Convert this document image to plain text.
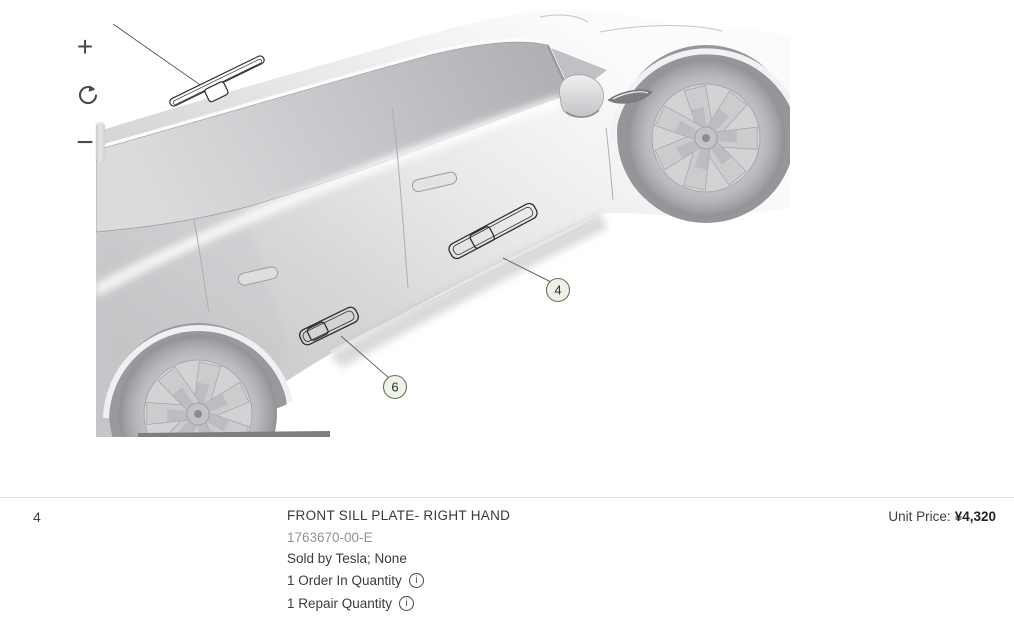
4
6
+
−
4	FRONT SILL PLATE- RIGHT HAND
1763670-00-E
Sold by Tesla; None
1 Order In Quantity	i
1 Repair Quantity	i
Unit Price: ¥4,320
